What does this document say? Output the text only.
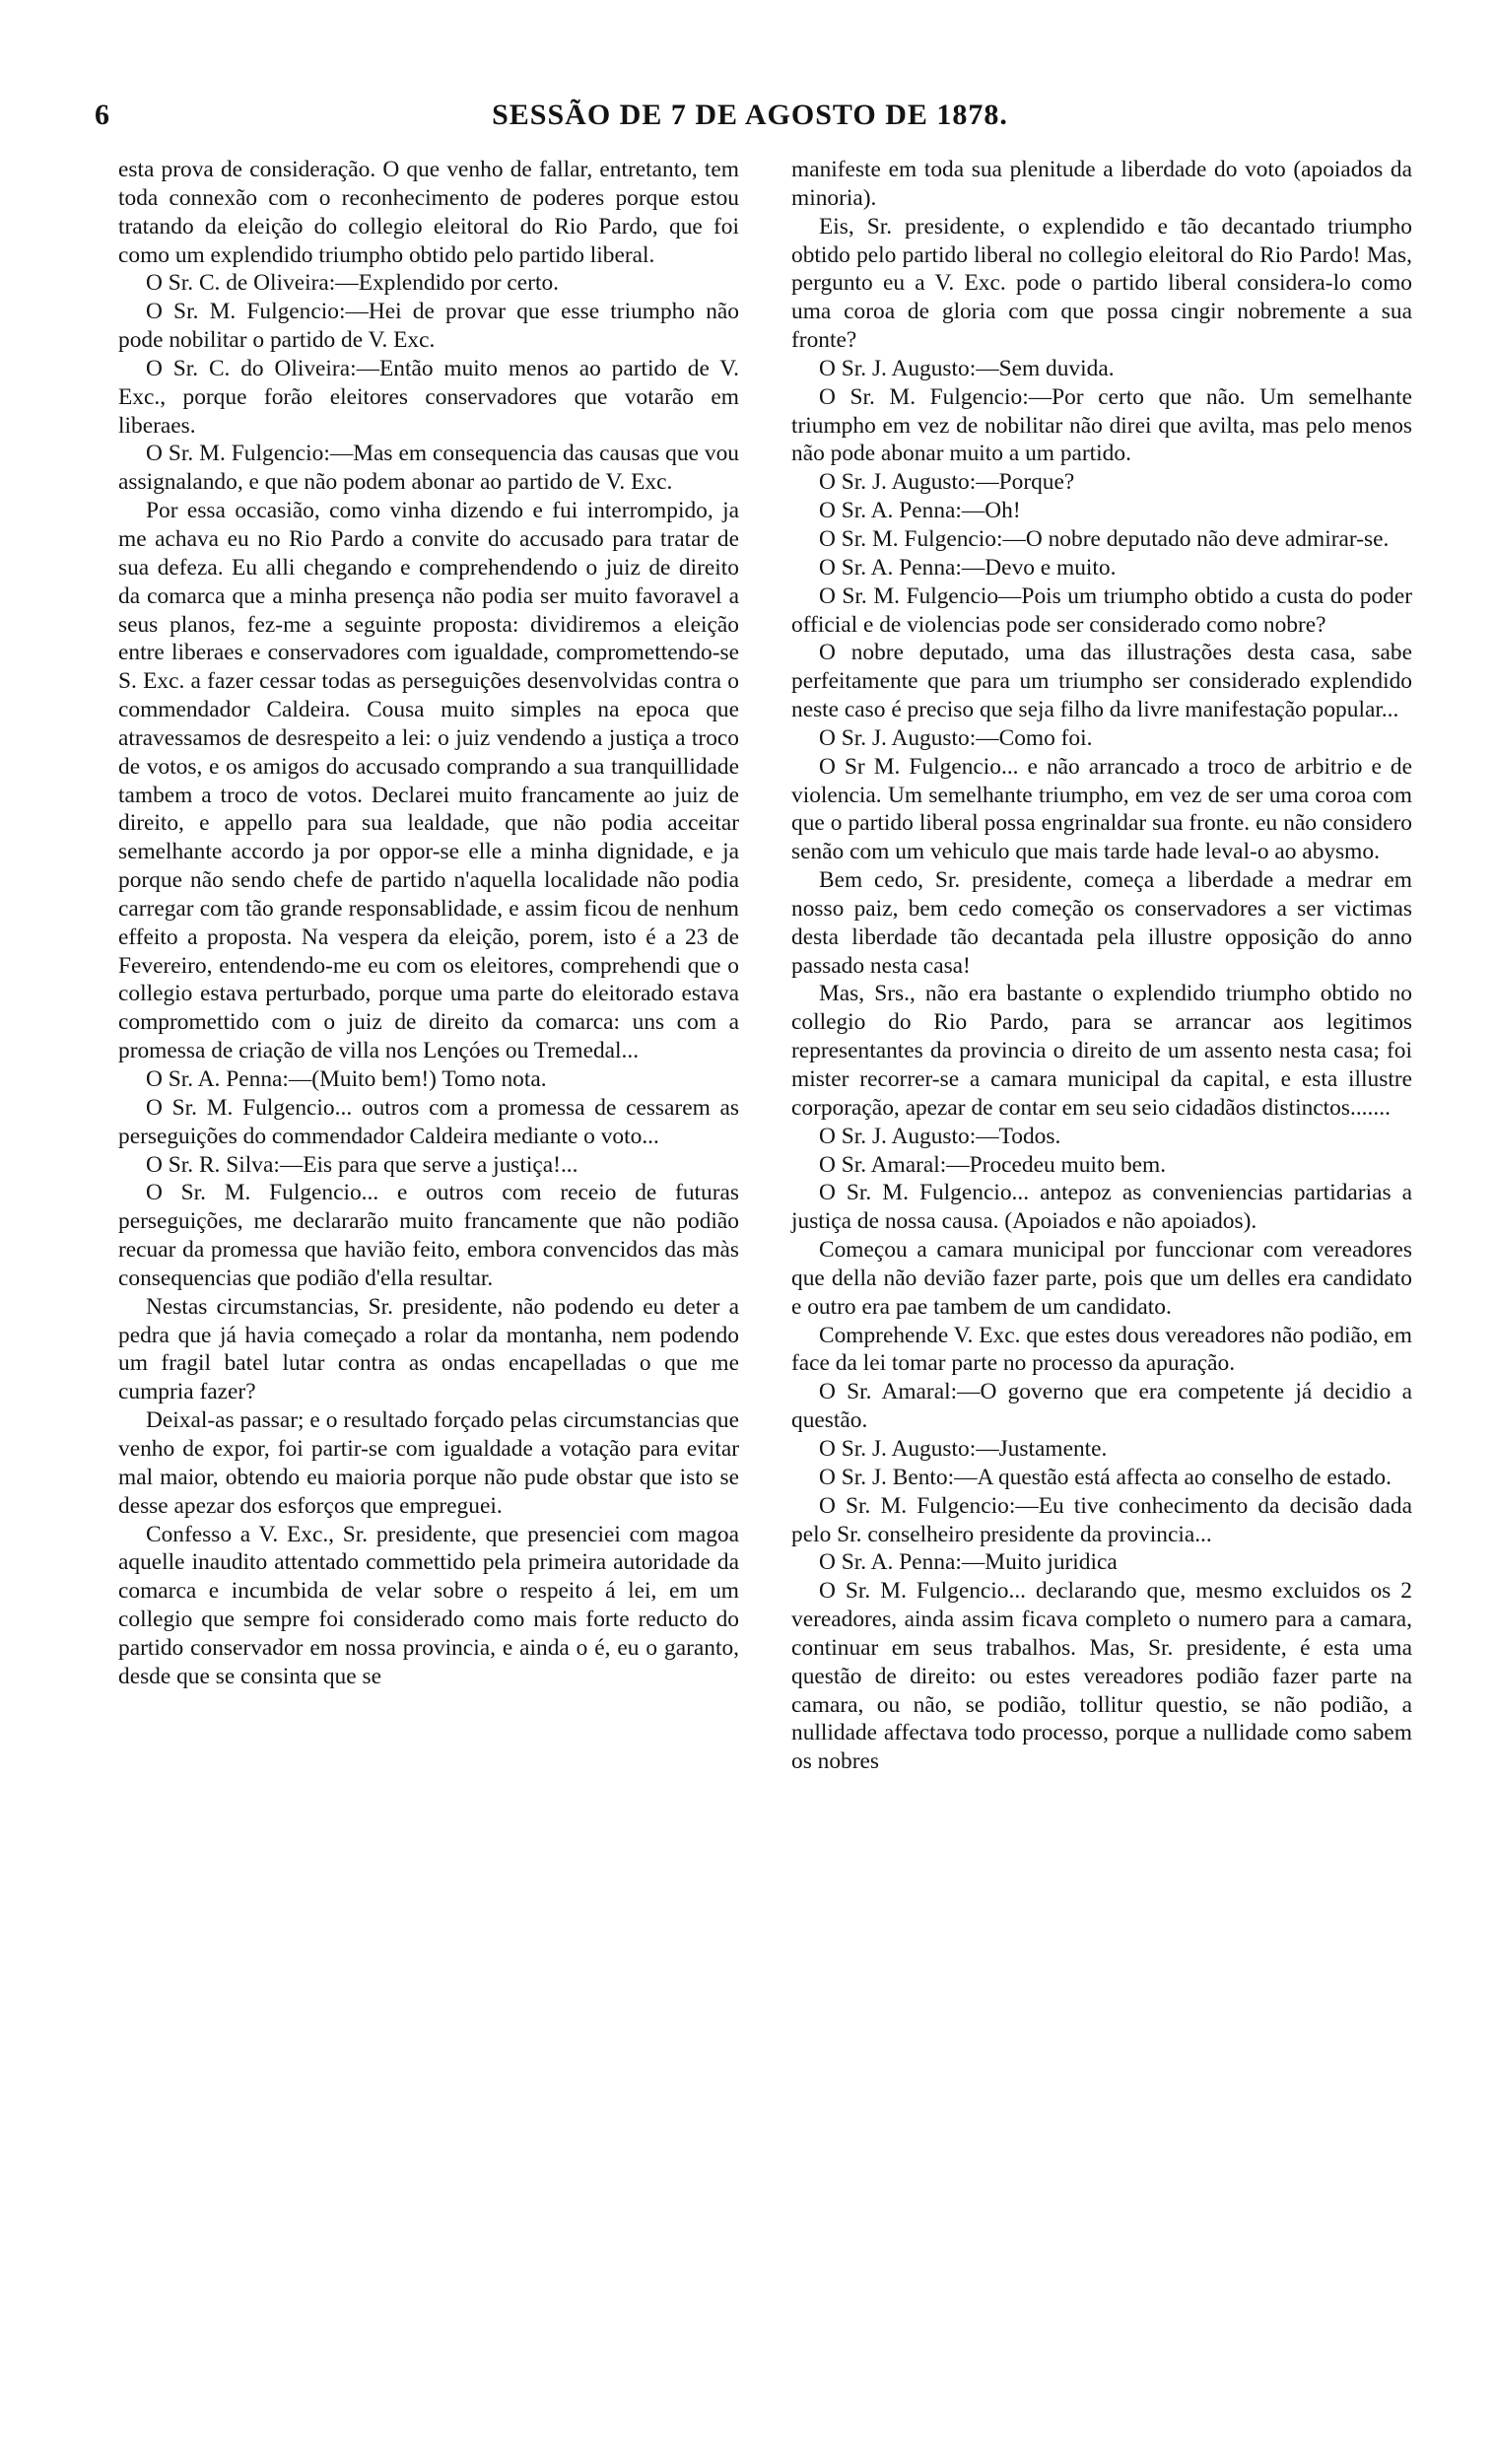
6	SESSÃO DE 7 DE AGOSTO DE 1878.

esta prova de consideração. O que venho de fallar, entretanto, tem toda connexão com o reconhecimento de poderes porque estou tratando da eleição do collegio eleitoral do Rio Pardo, que foi como um explendido triumpho obtido pelo partido liberal.

O Sr. C. de Oliveira:—Explendido por certo.

O Sr. M. Fulgencio:—Hei de provar que esse triumpho não pode nobilitar o partido de V. Exc.

O Sr. C. do Oliveira:—Então muito menos ao partido de V. Exc., porque forão eleitores conservadores que votarão em liberaes.

O Sr. M. Fulgencio:—Mas em consequencia das causas que vou assignalando, e que não podem abonar ao partido de V. Exc.

Por essa occasião, como vinha dizendo e fui interrompido, ja me achava eu no Rio Pardo a convite do accusado para tratar de sua defeza. Eu alli chegando e comprehendendo o juiz de direito da comarca que a minha presença não podia ser muito favoravel a seus planos, fez-me a seguinte proposta: dividiremos a eleição entre liberaes e conservadores com igualdade, compromettendo-se S. Exc. a fazer cessar todas as perseguições desenvolvidas contra o commendador Caldeira. Cousa muito simples na epoca que atravessamos de desrespeito a lei: o juiz vendendo a justiça a troco de votos, e os amigos do accusado comprando a sua tranquillidade tambem a troco de votos. Declarei muito francamente ao juiz de direito, e appello para sua lealdade, que não podia acceitar semelhante accordo ja por oppor-se elle a minha dignidade, e ja porque não sendo chefe de partido n'aquella localidade não podia carregar com tão grande responsablidade, e assim ficou de nenhum effeito a proposta. Na vespera da eleição, porem, isto é a 23 de Fevereiro, entendendo-me eu com os eleitores, comprehendi que o collegio estava perturbado, porque uma parte do eleitorado estava compromettido com o juiz de direito da comarca: uns com a promessa de criação de villa nos Lençóes ou Tremedal...

O Sr. A. Penna:—(Muito bem!) Tomo nota.

O Sr. M. Fulgencio... outros com a promessa de cessarem as perseguições do commendador Caldeira mediante o voto...

O Sr. R. Silva:—Eis para que serve a justiça!...

O Sr. M. Fulgencio... e outros com receio de futuras perseguições, me declararão muito francamente que não podião recuar da promessa que havião feito, embora convencidos das màs consequencias que podião d'ella resultar.

Nestas circumstancias, Sr. presidente, não podendo eu deter a pedra que já havia começado a rolar da montanha, nem podendo um fragil batel lutar contra as ondas encapelladas o que me cumpria fazer?

Deixal-as passar; e o resultado forçado pelas circumstancias que venho de expor, foi partir-se com igualdade a votação para evitar mal maior, obtendo eu maioria porque não pude obstar que isto se desse apezar dos esforços que empreguei.

Confesso a V. Exc., Sr. presidente, que presenciei com magoa aquelle inaudito attentado commettido pela primeira autoridade da comarca e incumbida de velar sobre o respeito á lei, em um collegio que sempre foi considerado como mais forte reducto do partido conservador em nossa provincia, e ainda o é, eu o garanto, desde que se consinta que se

manifeste em toda sua plenitude a liberdade do voto (apoiados da minoria).

Eis, Sr. presidente, o explendido e tão decantado triumpho obtido pelo partido liberal no collegio eleitoral do Rio Pardo! Mas, pergunto eu a V. Exc. pode o partido liberal considera-lo como uma coroa de gloria com que possa cingir nobremente a sua fronte?

O Sr. J. Augusto:—Sem duvida.

O Sr. M. Fulgencio:—Por certo que não. Um semelhante triumpho em vez de nobilitar não direi que avilta, mas pelo menos não pode abonar muito a um partido.

O Sr. J. Augusto:—Porque?

O Sr. A. Penna:—Oh!

O Sr. M. Fulgencio:—O nobre deputado não deve admirar-se.

O Sr. A. Penna:—Devo e muito.

O Sr. M. Fulgencio—Pois um triumpho obtido a custa do poder official e de violencias pode ser considerado como nobre?

O nobre deputado, uma das illustrações desta casa, sabe perfeitamente que para um triumpho ser considerado explendido neste caso é preciso que seja filho da livre manifestação popular...

O Sr. J. Augusto:—Como foi.

O Sr M. Fulgencio... e não arrancado a troco de arbitrio e de violencia. Um semelhante triumpho, em vez de ser uma coroa com que o partido liberal possa engrinaldar sua fronte. eu não considero senão com um vehiculo que mais tarde hade leval-o ao abysmo.

Bem cedo, Sr. presidente, começa a liberdade a medrar em nosso paiz, bem cedo começão os conservadores a ser victimas desta liberdade tão decantada pela illustre opposição do anno passado nesta casa!

Mas, Srs., não era bastante o explendido triumpho obtido no collegio do Rio Pardo, para se arrancar aos legitimos representantes da provincia o direito de um assento nesta casa; foi mister recorrer-se a camara municipal da capital, e esta illustre corporação, apezar de contar em seu seio cidadãos distinctos.......

O Sr. J. Augusto:—Todos.

O Sr. Amaral:—Procedeu muito bem.

O Sr. M. Fulgencio... antepoz as conveniencias partidarias a justiça de nossa causa. (Apoiados e não apoiados).

Começou a camara municipal por funccionar com vereadores que della não devião fazer parte, pois que um delles era candidato e outro era pae tambem de um candidato.

Comprehende V. Exc. que estes dous vereadores não podião, em face da lei tomar parte no processo da apuração.

O Sr. Amaral:—O governo que era competente já decidio a questão.

O Sr. J. Augusto:—Justamente.

O Sr. J. Bento:—A questão está affecta ao conselho de estado.

O Sr. M. Fulgencio:—Eu tive conhecimento da decisão dada pelo Sr. conselheiro presidente da provincia...

O Sr. A. Penna:—Muito juridica

O Sr. M. Fulgencio... declarando que, mesmo excluidos os 2 vereadores, ainda assim ficava completo o numero para a camara, continuar em seus trabalhos. Mas, Sr. presidente, é esta uma questão de direito: ou estes vereadores podião fazer parte na camara, ou não, se podião, tollitur questio, se não podião, a nullidade affectava todo processo, porque a nullidade como sabem os nobres
